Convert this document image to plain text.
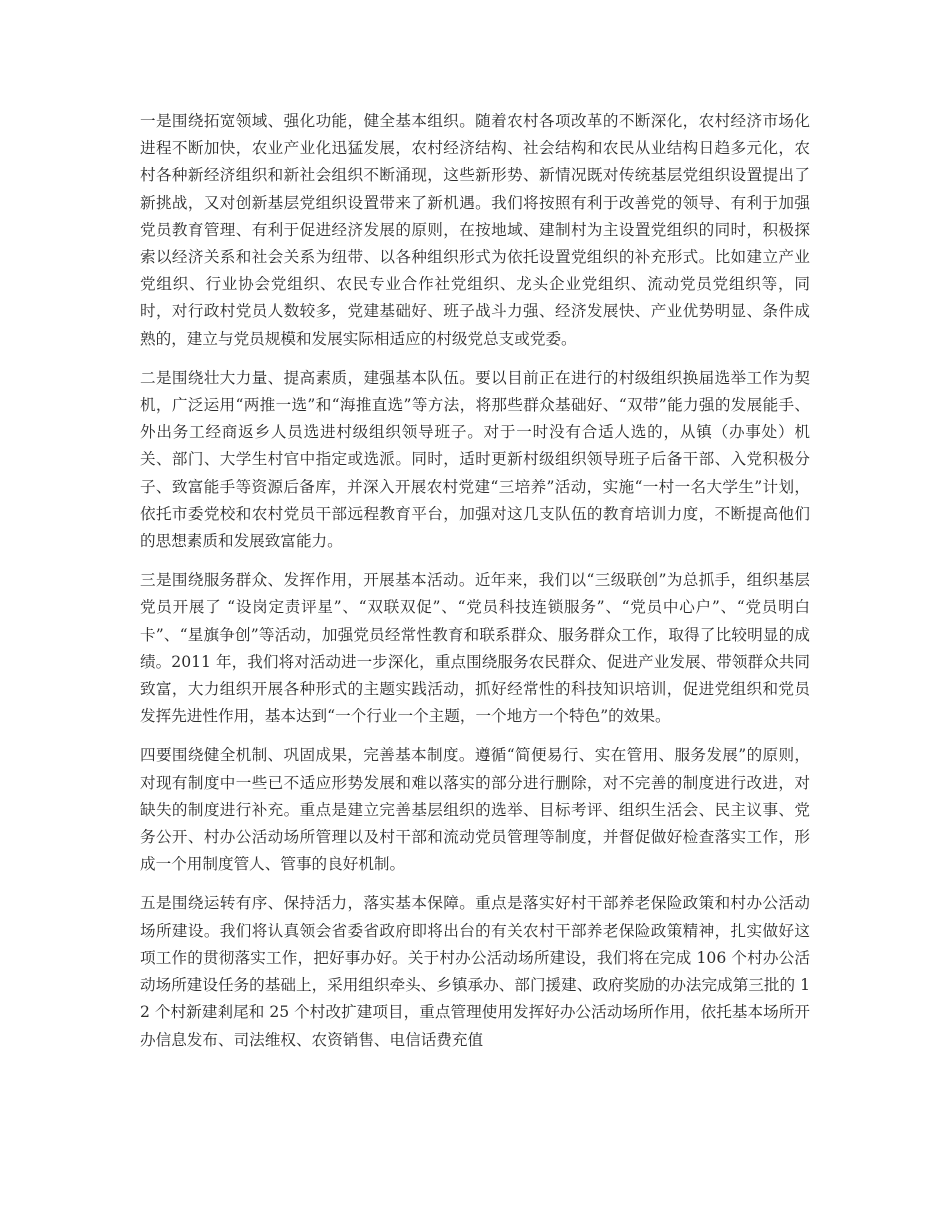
一是围绕拓宽领域、强化功能，健全基本组织。随着农村各项改革的不断深化，农村经济市场化进程不断加快，农业产业化迅猛发展，农村经济结构、社会结构和农民从业结构日趋多元化，农村各种新经济组织和新社会组织不断涌现，这些新形势、新情况既对传统基层党组织设置提出了新挑战，又对创新基层党组织设置带来了新机遇。我们将按照有利于改善党的领导、有利于加强党员教育管理、有利于促进经济发展的原则，在按地域、建制村为主设置党组织的同时，积极探索以经济关系和社会关系为纽带、以各种组织形式为依托设置党组织的补充形式。比如建立产业党组织、行业协会党组织、农民专业合作社党组织、龙头企业党组织、流动党员党组织等，同时，对行政村党员人数较多，党建基础好、班子战斗力强、经济发展快、产业优势明显、条件成熟的，建立与党员规模和发展实际相适应的村级党总支或党委。

二是围绕壮大力量、提高素质，建强基本队伍。要以目前正在进行的村级组织换届选举工作为契机，广泛运用“两推一选”和“海推直选”等方法，将那些群众基础好、“双带”能力强的发展能手、外出务工经商返乡人员选进村级组织领导班子。对于一时没有合适人选的，从镇（办事处）机关、部门、大学生村官中指定或选派。同时，适时更新村级组织领导班子后备干部、入党积极分子、致富能手等资源后备库，并深入开展农村党建“三培养”活动，实施“一村一名大学生”计划，依托市委党校和农村党员干部远程教育平台，加强对这几支队伍的教育培训力度，不断提高他们的思想素质和发展致富能力。

三是围绕服务群众、发挥作用，开展基本活动。近年来，我们以“三级联创”为总抓手，组织基层党员开展了 “设岗定责评星”、“双联双促”、“党员科技连锁服务”、“党员中心户”、“党员明白卡”、“星旗争创”等活动，加强党员经常性教育和联系群众、服务群众工作，取得了比较明显的成绩。2011 年，我们将对活动进一步深化，重点围绕服务农民群众、促进产业发展、带领群众共同致富，大力组织开展各种形式的主题实践活动，抓好经常性的科技知识培训，促进党组织和党员发挥先进性作用，基本达到“一个行业一个主题，一个地方一个特色”的效果。

四要围绕健全机制、巩固成果，完善基本制度。遵循“简便易行、实在管用、服务发展”的原则，对现有制度中一些已不适应形势发展和难以落实的部分进行删除，对不完善的制度进行改进，对缺失的制度进行补充。重点是建立完善基层组织的选举、目标考评、组织生活会、民主议事、党务公开、村办公活动场所管理以及村干部和流动党员管理等制度，并督促做好检查落实工作，形成一个用制度管人、管事的良好机制。

五是围绕运转有序、保持活力，落实基本保障。重点是落实好村干部养老保险政策和村办公活动场所建设。我们将认真领会省委省政府即将出台的有关农村干部养老保险政策精神，扎实做好这项工作的贯彻落实工作，把好事办好。关于村办公活动场所建设，我们将在完成 106 个村办公活动场所建设任务的基础上，采用组织牵头、乡镇承办、部门援建、政府奖励的办法完成第三批的 12 个村新建剎尾和 25 个村改扩建项目，重点管理使用发挥好办公活动场所作用，依托基本场所开办信息发布、司法维权、农资销售、电信话费充值
